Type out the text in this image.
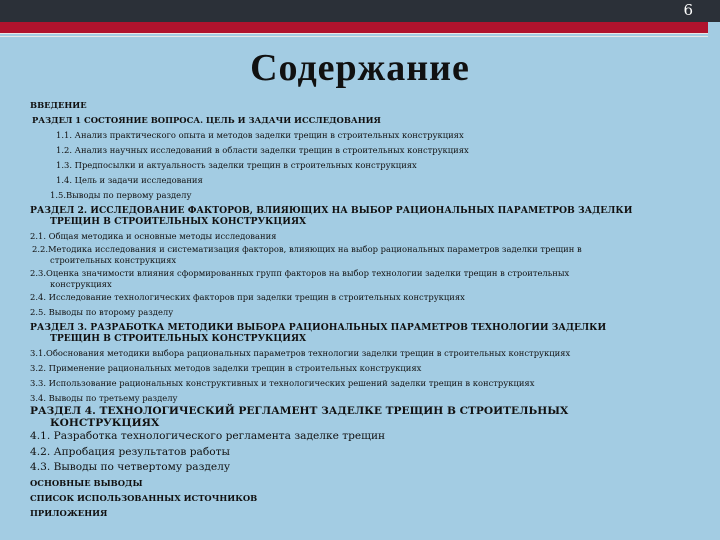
6
Содержание

ВВЕДЕНИЕ

РАЗДЕЛ 1 СОСТОЯНИЕ ВОПРОСА. ЦЕЛЬ И ЗАДАЧИ ИССЛЕДОВАНИЯ

1.1. Анализ практического опыта и методов заделки трещин в строительных конструкциях

1.2. Анализ научных исследований в области заделки трещин в строительных конструкциях

1.3. Предпосылки и актуальность заделки трещин в строительных конструкциях

1.4. Цель и задачи исследования

1.5.Выводы по первому разделу

РАЗДЕЛ 2. ИССЛЕДОВАНИЕ ФАКТОРОВ, ВЛИЯЮЩИХ НА ВЫБОР РАЦИОНАЛЬНЫХ ПАРАМЕТРОВ ЗАДЕЛКИ

ТРЕЩИН В СТРОИТЕЛЬНЫХ КОНСТРУКЦИЯХ

2.1. Общая методика и основные методы исследования

2.2.Методика исследования и систематизация факторов, влияющих на выбор рациональных параметров заделки трещин в

строительных конструкциях

2.3.Оценка значимости влияния сформированных групп факторов на выбор технологии заделки трещин в строительных

конструкциях

2.4. Исследование технологических факторов при заделки трещин в строительных конструкциях

2.5. Выводы по второму разделу

РАЗДЕЛ 3. РАЗРАБОТКА МЕТОДИКИ ВЫБОРА РАЦИОНАЛЬНЫХ ПАРАМЕТРОВ ТЕХНОЛОГИИ ЗАДЕЛКИ

ТРЕЩИН В СТРОИТЕЛЬНЫХ КОНСТРУКЦИЯХ

3.1.Обоснования методики выбора рациональных параметров технологии заделки трещин в строительных конструкциях

3.2. Применение рациональных методов заделки трещин в строительных конструкциях

3.3. Использование рациональных конструктивных и технологических решений заделки трещин в конструкциях

3.4. Выводы по третьему разделу

РАЗДЕЛ 4. ТЕХНОЛОГИЧЕСКИЙ РЕГЛАМЕНТ ЗАДЕЛКЕ ТРЕЩИН В СТРОИТЕЛЬНЫХ

КОНСТРУКЦИЯХ

4.1. Разработка технологического регламента заделке трещин

4.2. Апробация результатов работы

4.3. Выводы по четвертому разделу

ОСНОВНЫЕ ВЫВОДЫ

СПИСОК ИСПОЛЬЗОВАННЫХ ИСТОЧНИКОВ

ПРИЛОЖЕНИЯ
